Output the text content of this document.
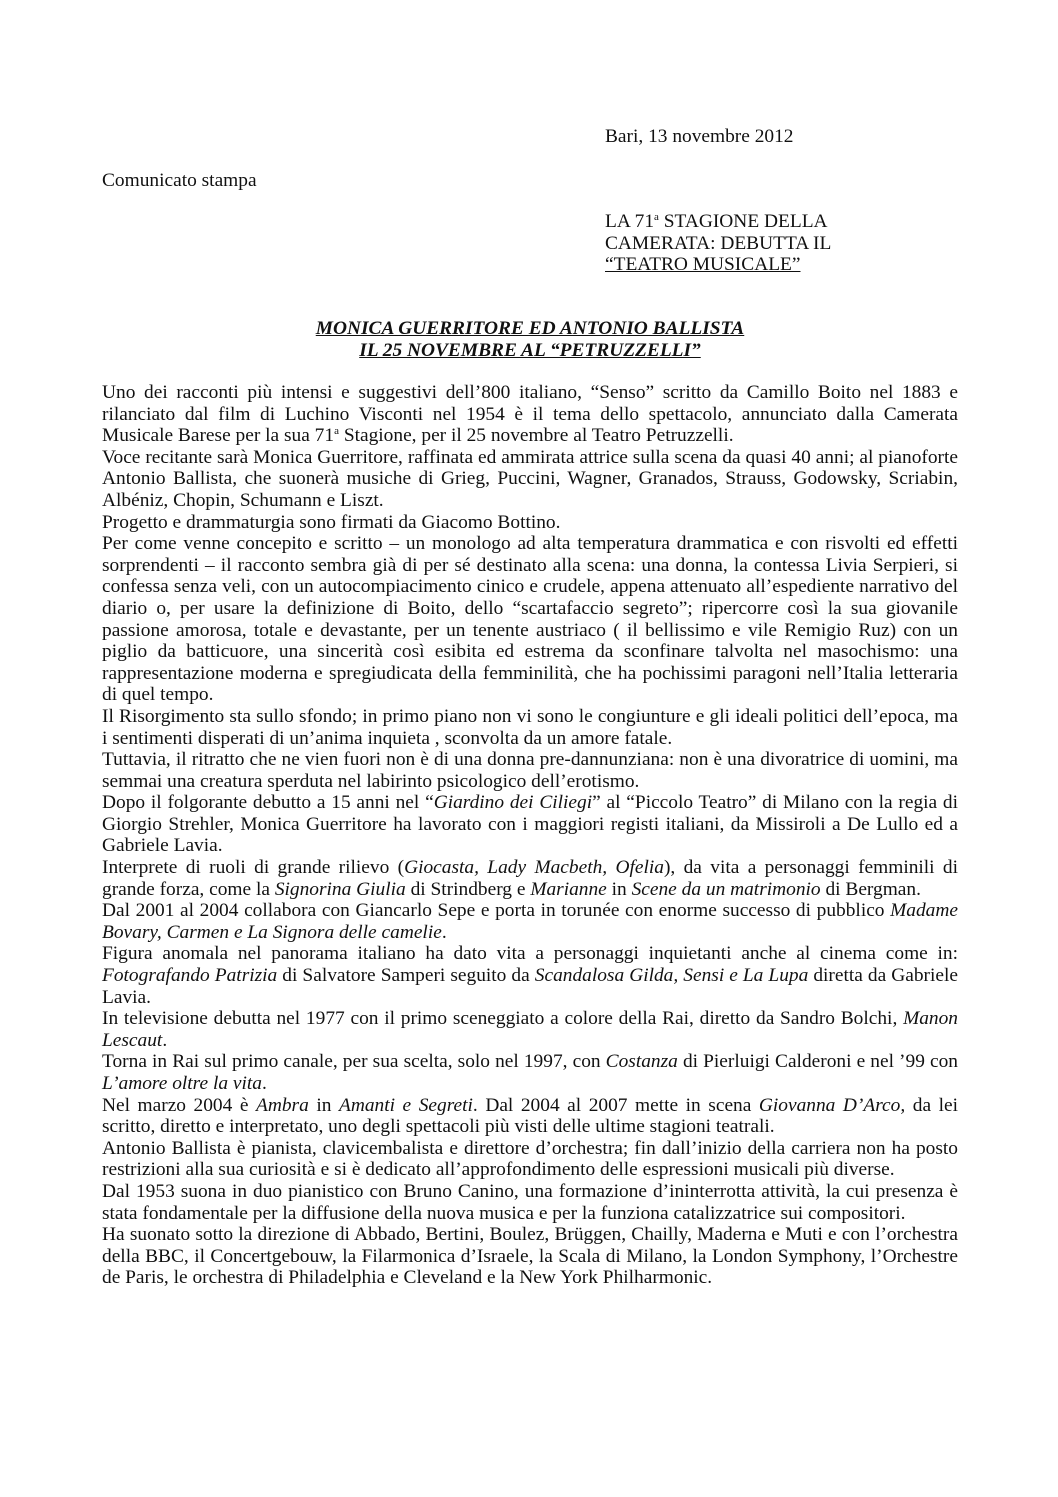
Bari, 13 novembre 2012
Comunicato stampa
LA 71$^a$ STAGIONE DELLA
CAMERATA: DEBUTTA IL
“TEATRO MUSICALE”
MONICA GUERRITORE ED ANTONIO BALLISTA
IL 25 NOVEMBRE AL “PETRUZZELLI”

Uno dei racconti più intensi e suggestivi dell’800 italiano, “Senso” scritto da Camillo Boito nel 1883 e rilanciato dal film di Luchino Visconti nel 1954 è il tema dello spettacolo, annunciato dalla Camerata Musicale Barese per la sua 71$^a$ Stagione, per il 25 novembre al Teatro Petruzzelli.

Voce recitante sarà Monica Guerritore, raffinata ed ammirata attrice sulla scena da quasi 40 anni; al pianoforte Antonio Ballista, che suonerà musiche di Grieg, Puccini, Wagner, Granados, Strauss, Godowsky, Scriabin, Albéniz, Chopin, Schumann e Liszt.

Progetto e drammaturgia sono firmati da Giacomo Bottino.

Per come venne concepito e scritto – un monologo ad alta temperatura drammatica e con risvolti ed effetti sorprendenti – il racconto sembra già di per sé destinato alla scena: una donna, la contessa Livia Serpieri, si confessa senza veli, con un autocompiacimento cinico e crudele, appena attenuato all’espediente narrativo del diario o, per usare la definizione di Boito, dello “scartafaccio segreto”; ripercorre così la sua giovanile passione amorosa, totale e devastante, per un tenente austriaco ( il bellissimo e vile Remigio Ruz) con un piglio da batticuore, una sincerità così esibita ed estrema da sconfinare talvolta nel masochismo: una rappresentazione moderna e spregiudicata della femminilità, che ha pochissimi paragoni nell’Italia letteraria di quel tempo.

Il Risorgimento sta sullo sfondo; in primo piano non vi sono le congiunture e gli ideali politici dell’epoca, ma i sentimenti disperati di un’anima inquieta , sconvolta da un amore fatale.

Tuttavia, il ritratto che ne vien fuori non è di una donna pre-dannunziana: non è una divoratrice di uomini, ma semmai una creatura sperduta nel labirinto psicologico dell’erotismo.

Dopo il folgorante debutto a 15 anni nel “Giardino dei Ciliegi” al “Piccolo Teatro” di Milano con la regia di Giorgio Strehler, Monica Guerritore ha lavorato con i maggiori registi italiani, da Missiroli a De Lullo ed a Gabriele Lavia.

Interprete di ruoli di grande rilievo (Giocasta, Lady Macbeth, Ofelia), da vita a personaggi femminili di grande forza, come la Signorina Giulia di Strindberg e Marianne in Scene da un matrimonio di Bergman.

Dal 2001 al 2004 collabora con Giancarlo Sepe e porta in torunée con enorme successo di pubblico Madame Bovary, Carmen e La Signora delle camelie.

Figura anomala nel panorama italiano ha dato vita a personaggi inquietanti anche al cinema come in: Fotografando Patrizia di Salvatore Samperi seguito da Scandalosa Gilda, Sensi e La Lupa diretta da Gabriele Lavia.

In televisione debutta nel 1977 con il primo sceneggiato a colore della Rai, diretto da Sandro Bolchi, Manon Lescaut.

Torna in Rai sul primo canale, per sua scelta, solo nel 1997, con Costanza di Pierluigi Calderoni e nel ’99 con L’amore oltre la vita.

Nel marzo 2004 è Ambra in Amanti e Segreti. Dal 2004 al 2007 mette in scena Giovanna D’Arco, da lei scritto, diretto e interpretato, uno degli spettacoli più visti delle ultime stagioni teatrali.

Antonio Ballista è pianista, clavicembalista e direttore d’orchestra; fin dall’inizio della carriera non ha posto restrizioni alla sua curiosità e si è dedicato all’approfondimento delle espressioni musicali più diverse.

Dal 1953 suona in duo pianistico con Bruno Canino, una formazione d’ininterrotta attività, la cui presenza è stata fondamentale per la diffusione della nuova musica e per la funziona catalizzatrice sui compositori.

Ha suonato sotto la direzione di Abbado, Bertini, Boulez, Brüggen, Chailly, Maderna e Muti e con l’orchestra della BBC, il Concertgebouw, la Filarmonica d’Israele, la Scala di Milano, la London Symphony, l’Orchestre de Paris, le orchestra di Philadelphia e Cleveland e la New York Philharmonic.
